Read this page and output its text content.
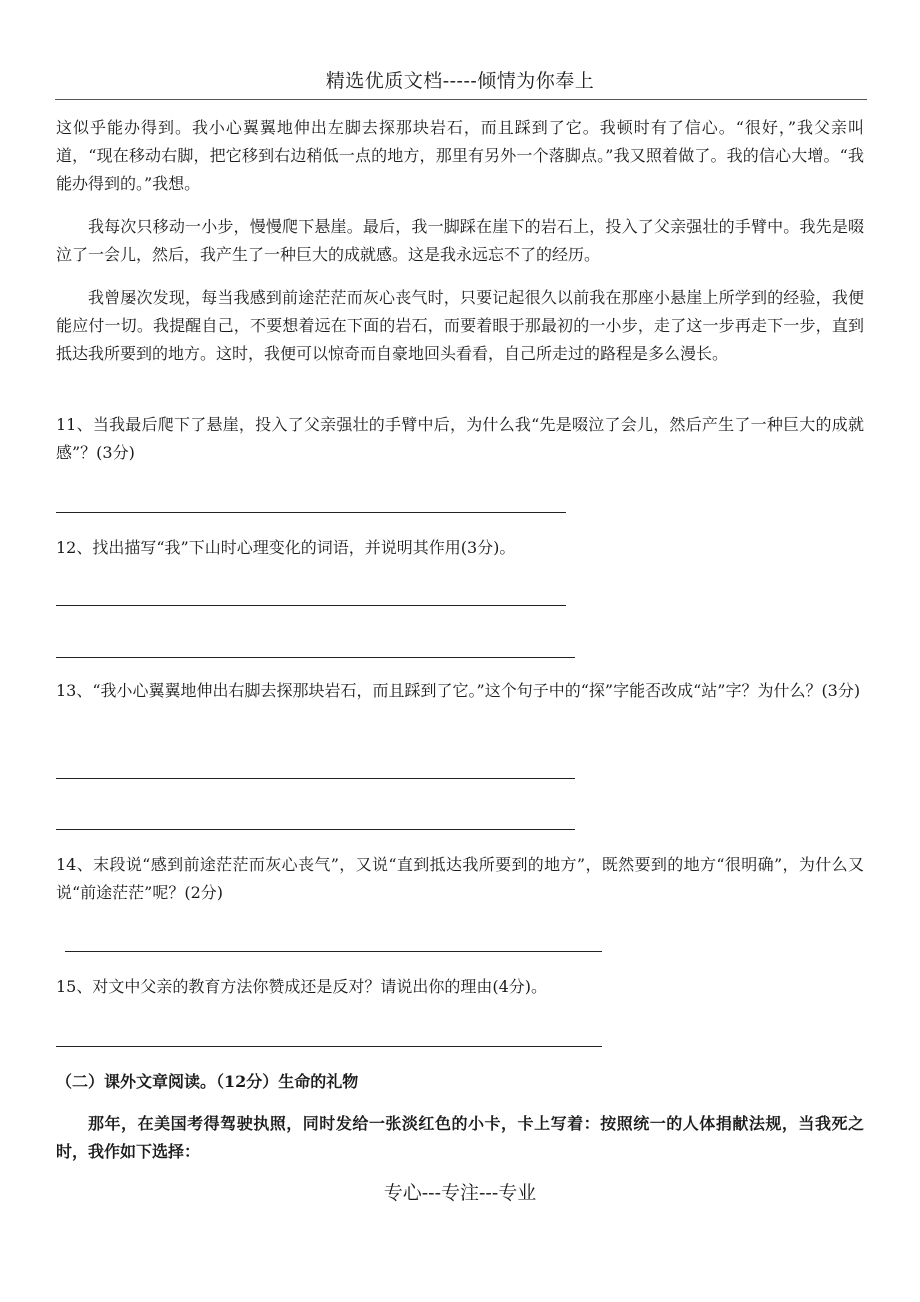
精选优质文档-----倾情为你奉上

这似乎能办得到。我小心翼翼地伸出左脚去探那块岩石，而且踩到了它。我顿时有了信心。“很好，”我父亲叫道，“现在移动右脚，把它移到右边稍低一点的地方，那里有另外一个落脚点。”我又照着做了。我的信心大增。“我能办得到的。”我想。

我每次只移动一小步，慢慢爬下悬崖。最后，我一脚踩在崖下的岩石上，投入了父亲强壮的手臂中。我先是啜泣了一会儿，然后，我产生了一种巨大的成就感。这是我永远忘不了的经历。

我曾屡次发现，每当我感到前途茫茫而灰心丧气时，只要记起很久以前我在那座小悬崖上所学到的经验，我便能应付一切。我提醒自己，不要想着远在下面的岩石，而要着眼于那最初的一小步，走了这一步再走下一步，直到抵达我所要到的地方。这时，我便可以惊奇而自豪地回头看看，自己所走过的路程是多么漫长。

11、当我最后爬下了悬崖，投入了父亲强壮的手臂中后，为什么我“先是啜泣了会儿，然后产生了一种巨大的成就感”？(3分)

12、找出描写“我”下山时心理变化的词语，并说明其作用(3分)。

13、“我小心翼翼地伸出右脚去探那块岩石，而且踩到了它。”这个句子中的“探”字能否改成“站”字？为什么？(3分)

14、末段说“感到前途茫茫而灰心丧气”，又说“直到抵达我所要到的地方”，既然要到的地方“很明确”，为什么又说“前途茫茫”呢？(2分)

15、对文中父亲的教育方法你赞成还是反对？请说出你的理由(4分)。

（二）课外文章阅读。（12分）生命的礼物

那年，在美国考得驾驶执照，同时发给一张淡红色的小卡，卡上写着：按照统一的人体捐献法规，当我死之时，我作如下选择：

专心---专注---专业
